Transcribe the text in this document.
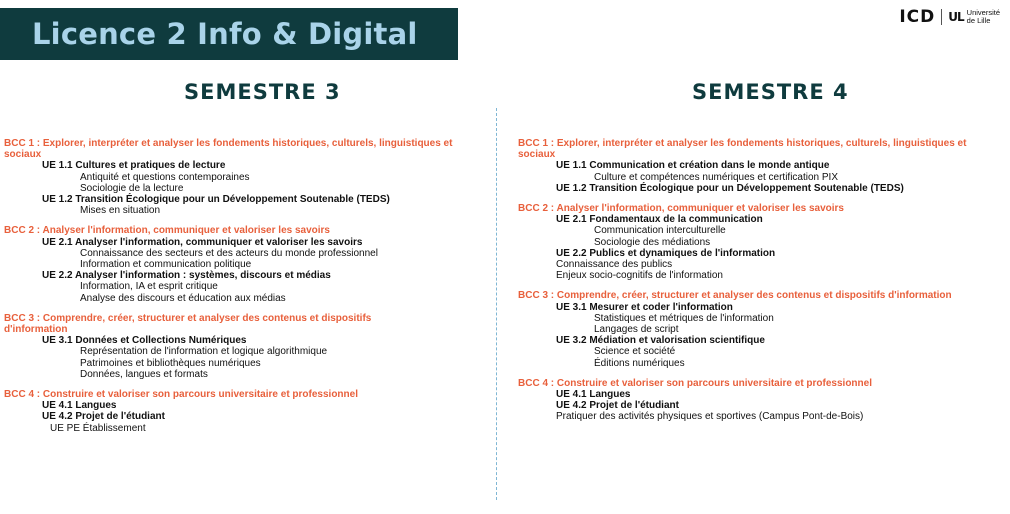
Licence 2 Info & Digital	ICD UL Université
de Lille
SEMESTRE 3	SEMESTRE 4
BCC 1 : Explorer, interpréter et analyser les fondements historiques, culturels, linguistiques et sociaux
UE 1.1 Cultures et pratiques de lecture
Antiquité et questions contemporaines
Sociologie de la lecture
UE 1.2 Transition Écologique pour un Développement Soutenable (TEDS)
Mises en situation
BCC 2 : Analyser l'information, communiquer et valoriser les savoirs
UE 2.1 Analyser l'information, communiquer et valoriser les savoirs
Connaissance des secteurs et des acteurs du monde professionnel
Information et communication politique
UE 2.2 Analyser l'information : systèmes, discours et médias
Information, IA et esprit critique
Analyse des discours et éducation aux médias
BCC 3 : Comprendre, créer, structurer et analyser des contenus et dispositifs d'information
UE 3.1 Données et Collections Numériques
Représentation de l'information et logique algorithmique
Patrimoines et bibliothèques numériques
Données, langues et formats
BCC 4 : Construire et valoriser son parcours universitaire et professionnel
UE 4.1 Langues
UE 4.2 Projet de l'étudiant
UE PE Établissement
BCC 1 : Explorer, interpréter et analyser les fondements historiques, culturels, linguistiques et sociaux
UE 1.1 Communication et création dans le monde antique
Culture et compétences numériques et certification PIX
UE 1.2 Transition Écologique pour un Développement Soutenable (TEDS)
BCC 2 : Analyser l'information, communiquer et valoriser les savoirs
UE 2.1 Fondamentaux de la communication
Communication interculturelle
Sociologie des médiations
UE 2.2 Publics et dynamiques de l'information
Connaissance des publics
Enjeux socio-cognitifs de l'information
BCC 3 : Comprendre, créer, structurer et analyser des contenus et dispositifs d'information
UE 3.1 Mesurer et coder l'information
Statistiques et métriques de l'information
Langages de script
UE 3.2 Médiation et valorisation scientifique
Science et société
Éditions numériques
BCC 4 : Construire et valoriser son parcours universitaire et professionnel
UE 4.1 Langues
UE 4.2 Projet de l'étudiant
Pratiquer des activités physiques et sportives (Campus Pont-de-Bois)
